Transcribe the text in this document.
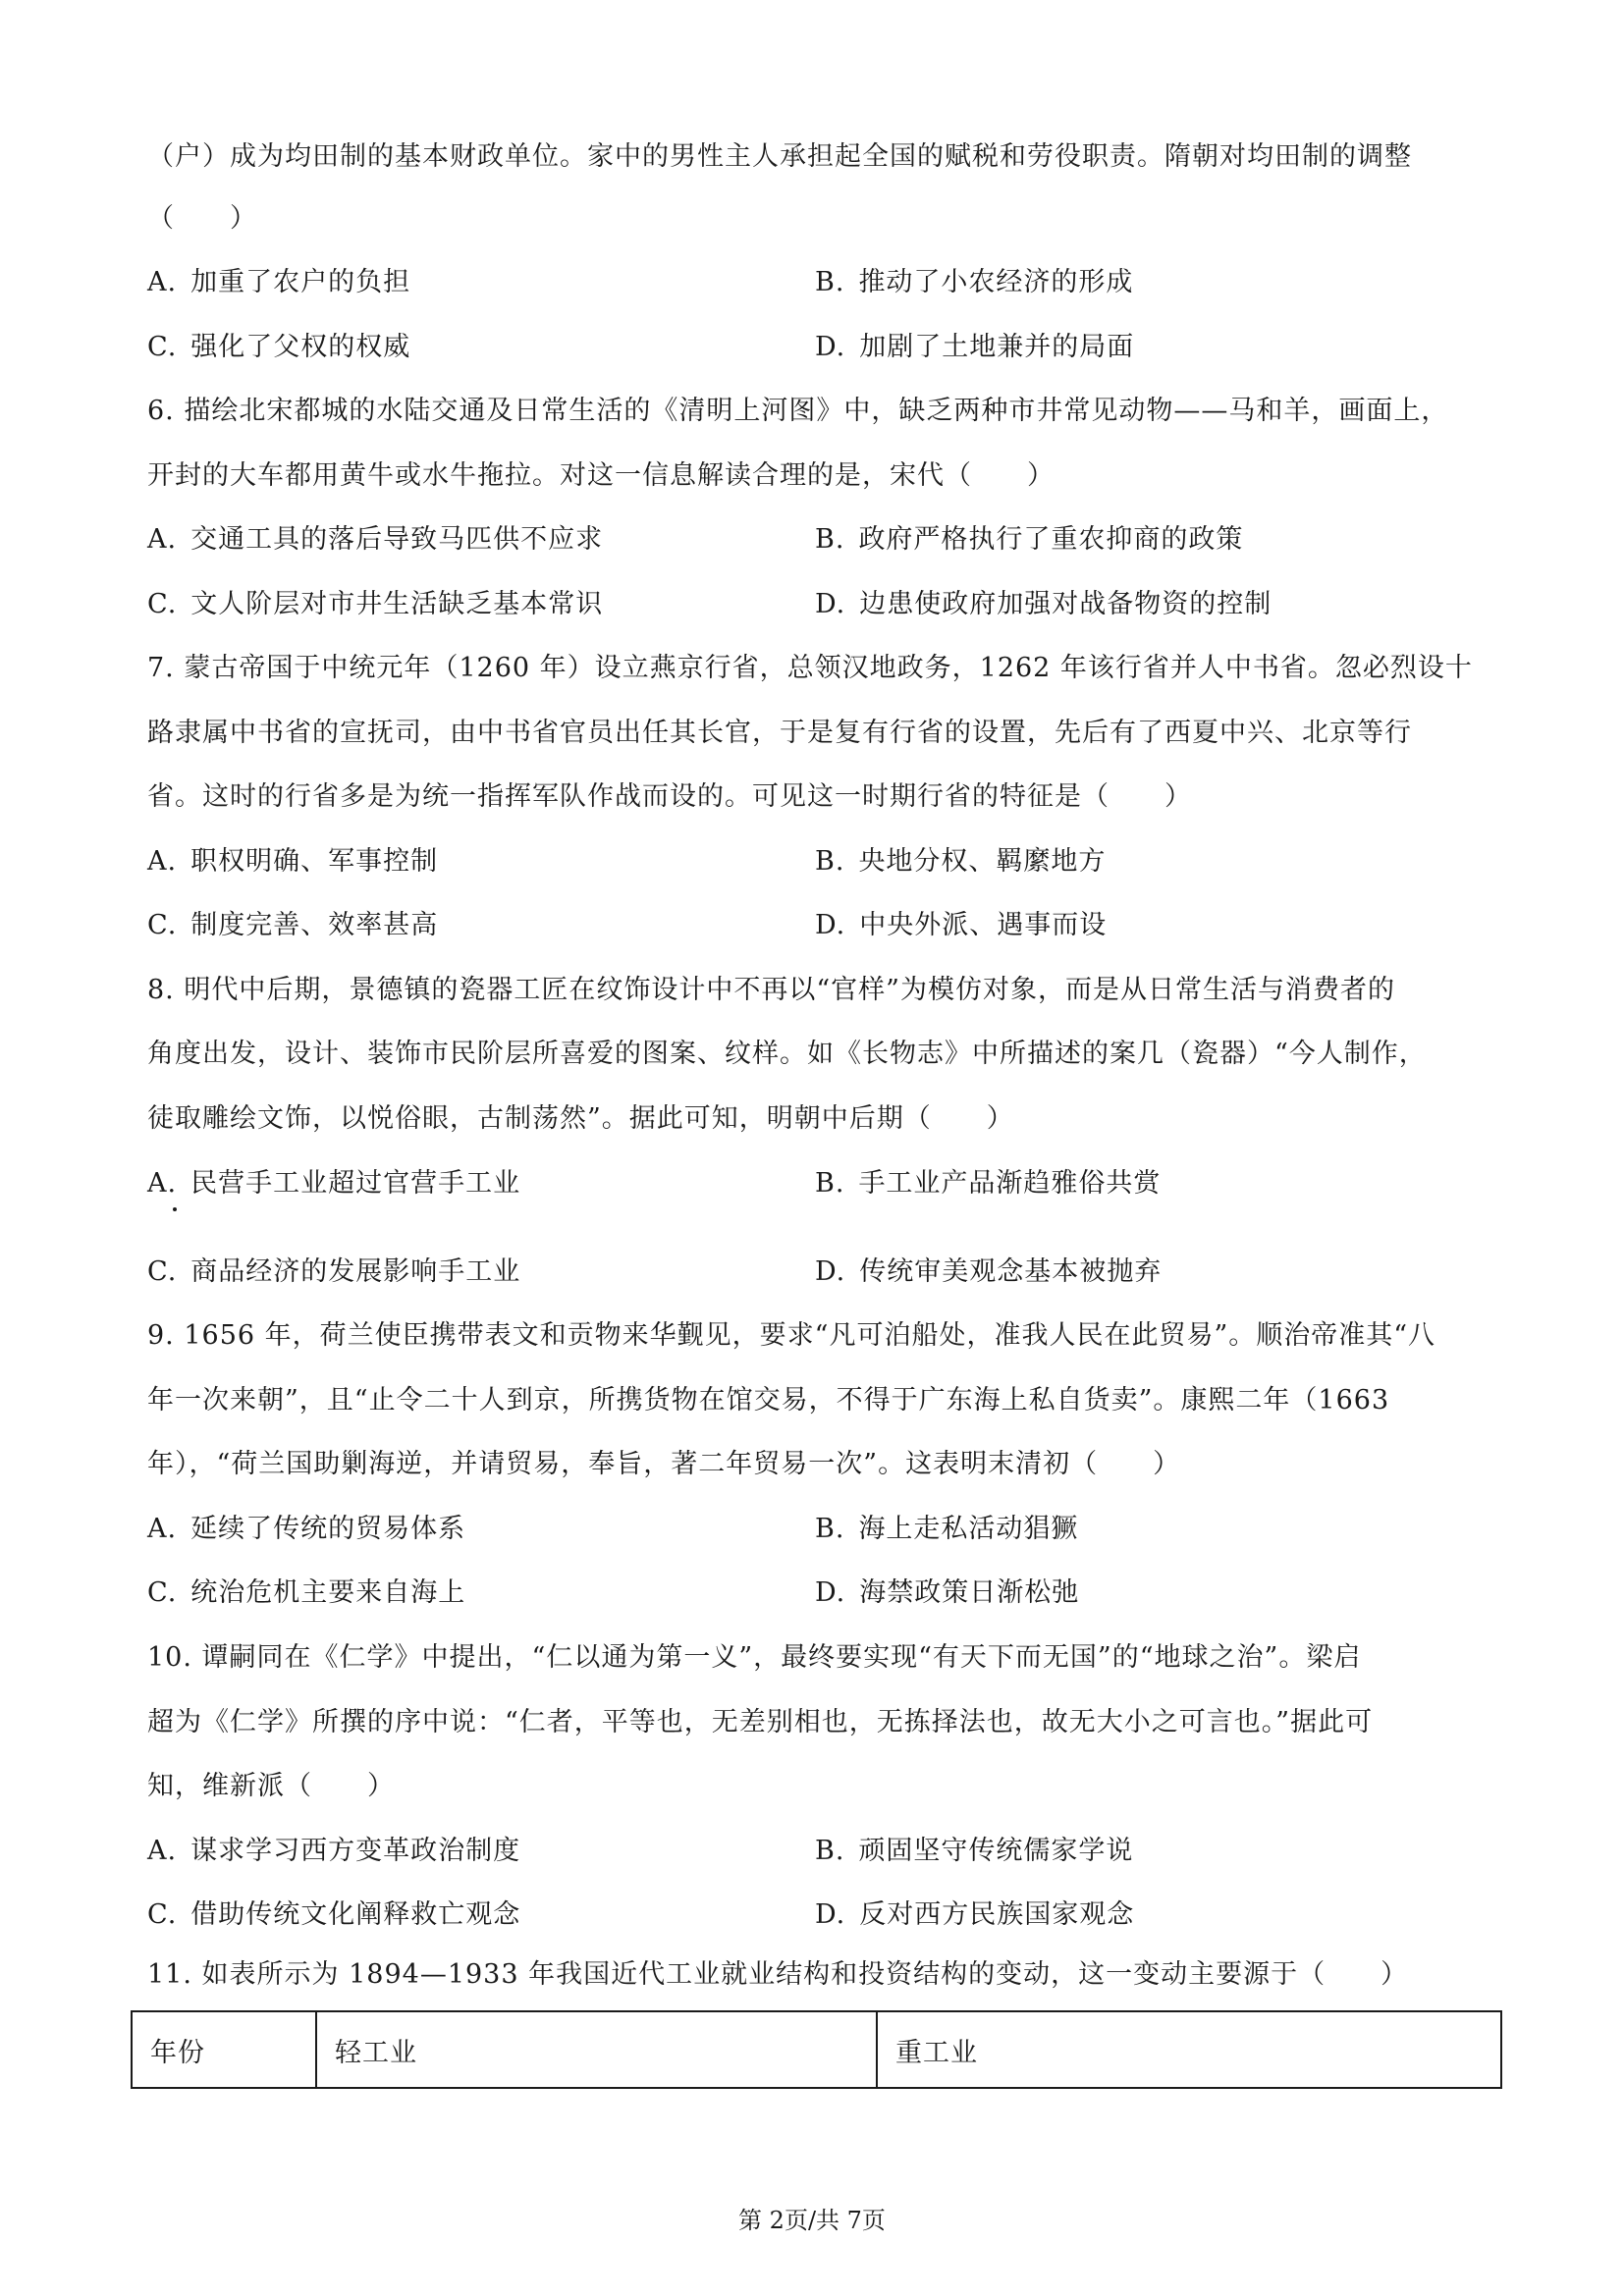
（户）成为均田制的基本财政单位。家中的男性主人承担起全国的赋税和劳役职责。隋朝对均田制的调整
（　　）
A. 加重了农户的负担	B. 推动了小农经济的形成
C. 强化了父权的权威	D. 加剧了土地兼并的局面
6. 描绘北宋都城的水陆交通及日常生活的《清明上河图》中，缺乏两种市井常见动物——马和羊，画面上，
开封的大车都用黄牛或水牛拖拉。对这一信息解读合理的是，宋代（　　）
A. 交通工具的落后导致马匹供不应求	B. 政府严格执行了重农抑商的政策
C. 文人阶层对市井生活缺乏基本常识	D. 边患使政府加强对战备物资的控制
7. 蒙古帝国于中统元年（1260 年）设立燕京行省，总领汉地政务，1262 年该行省并人中书省。忽必烈设十
路隶属中书省的宣抚司，由中书省官员出任其长官，于是复有行省的设置，先后有了西夏中兴、北京等行
省。这时的行省多是为统一指挥军队作战而设的。可见这一时期行省的特征是（　　）
A. 职权明确、军事控制	B. 央地分权、羁縻地方
C. 制度完善、效率甚高	D. 中央外派、遇事而设
8. 明代中后期，景德镇的瓷器工匠在纹饰设计中不再以“官样”为模仿对象，而是从日常生活与消费者的
角度出发，设计、装饰市民阶层所喜爱的图案、纹样。如《长物志》中所描述的案几（瓷器）“今人制作，
徒取雕绘文饰，以悦俗眼，古制荡然”。据此可知，明朝中后期（　　）
A. 民营手工业超过官营手工业	B. 手工业产品渐趋雅俗共赏
C. 商品经济的发展影响手工业	D. 传统审美观念基本被抛弃
9. 1656 年，荷兰使臣携带表文和贡物来华觐见，要求“凡可泊船处，准我人民在此贸易”。顺治帝准其“八
年一次来朝”，且“止令二十人到京，所携货物在馆交易，不得于广东海上私自货卖”。康熙二年（1663
年），“荷兰国助剿海逆，并请贸易，奉旨，著二年贸易一次”。这表明末清初（　　）
A. 延续了传统的贸易体系	B. 海上走私活动猖獗
C. 统治危机主要来自海上	D. 海禁政策日渐松弛
10. 谭嗣同在《仁学》中提出，“仁以通为第一义”，最终要实现“有天下而无国”的“地球之治”。梁启
超为《仁学》所撰的序中说：“仁者，平等也，无差别相也，无拣择法也，故无大小之可言也。”据此可
知，维新派（　　）
A. 谋求学习西方变革政治制度	B. 顽固坚守传统儒家学说
C. 借助传统文化阐释救亡观念	D. 反对西方民族国家观念
11. 如表所示为 1894—1933 年我国近代工业就业结构和投资结构的变动，这一变动主要源于（　　）
年份	轻工业	重工业
第 2页/共 7页
